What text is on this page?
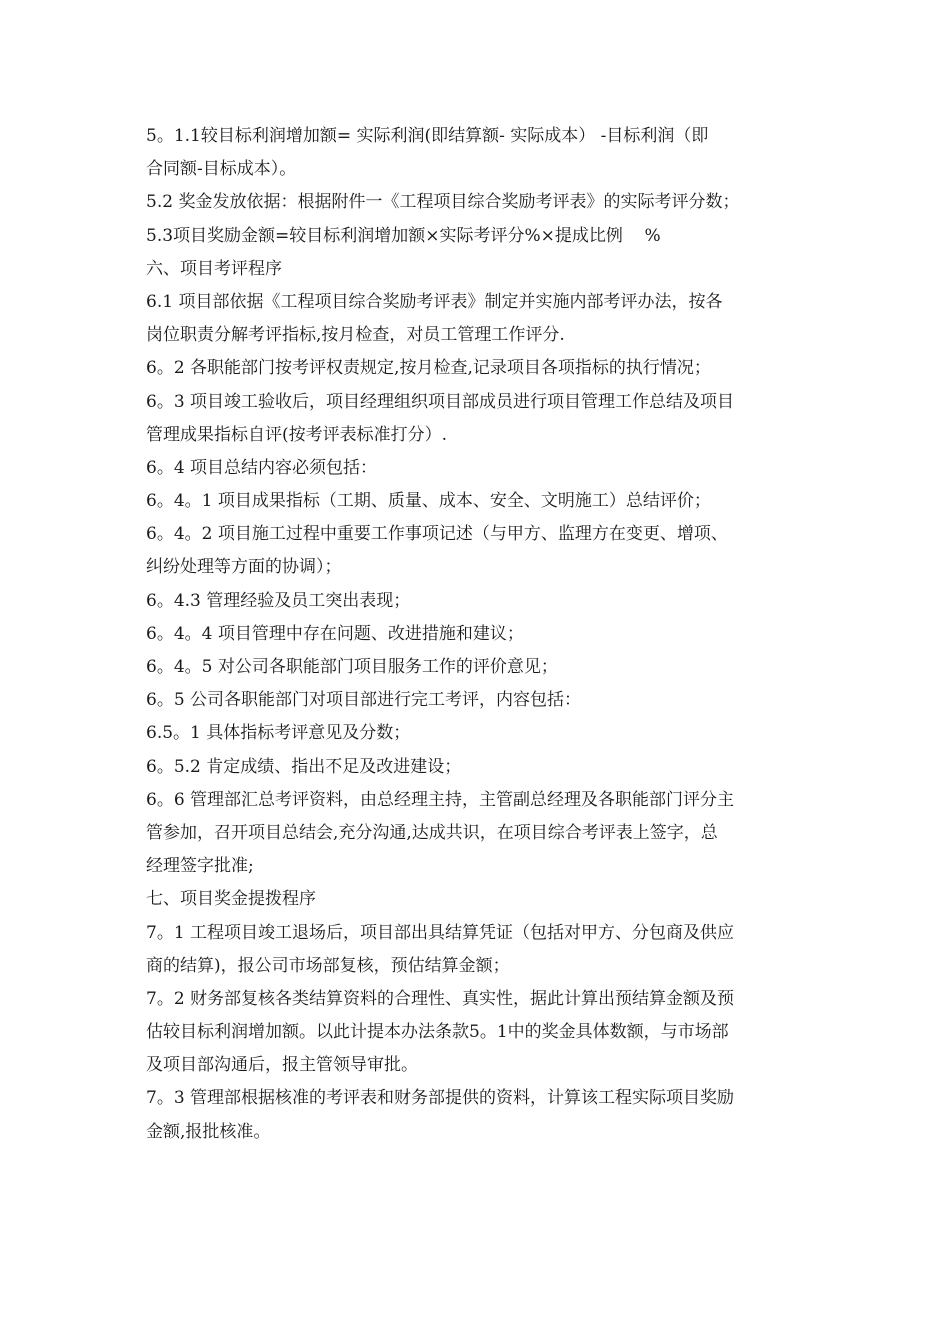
5。1.1较目标利润增加额= 实际利润(即结算额- 实际成本） -目标利润（即
合同额-目标成本）。
5.2 奖金发放依据：根据附件一《工程项目综合奖励考评表》的实际考评分数；
5.3项目奖励金额=较目标利润增加额×实际考评分%×提成比例    %
六、项目考评程序
6.1 项目部依据《工程项目综合奖励考评表》制定并实施内部考评办法，按各
岗位职责分解考评指标,按月检查，对员工管理工作评分.
6。2 各职能部门按考评权责规定,按月检查,记录项目各项指标的执行情况；
6。3 项目竣工验收后，项目经理组织项目部成员进行项目管理工作总结及项目
管理成果指标自评(按考评表标准打分）.
6。4 项目总结内容必须包括：
6。4。1 项目成果指标（工期、质量、成本、安全、文明施工）总结评价；
6。4。2 项目施工过程中重要工作事项记述（与甲方、监理方在变更、增项、
纠纷处理等方面的协调）；
6。4.3 管理经验及员工突出表现；
6。4。4 项目管理中存在问题、改进措施和建议；
6。4。5 对公司各职能部门项目服务工作的评价意见；
6。5 公司各职能部门对项目部进行完工考评，内容包括：
6.5。1 具体指标考评意见及分数；
6。5.2 肯定成绩、指出不足及改进建设；
6。6 管理部汇总考评资料，由总经理主持，主管副总经理及各职能部门评分主
管参加，召开项目总结会,充分沟通,达成共识，在项目综合考评表上签字，总
经理签字批准;
七、项目奖金提拨程序
7。1 工程项目竣工退场后，项目部出具结算凭证（包括对甲方、分包商及供应
商的结算)，报公司市场部复核，预估结算金额；
7。2 财务部复核各类结算资料的合理性、真实性，据此计算出预结算金额及预
估较目标利润增加额。以此计提本办法条款5。1中的奖金具体数额，与市场部
及项目部沟通后，报主管领导审批。
7。3 管理部根据核准的考评表和财务部提供的资料，计算该工程实际项目奖励
金额,报批核准。
